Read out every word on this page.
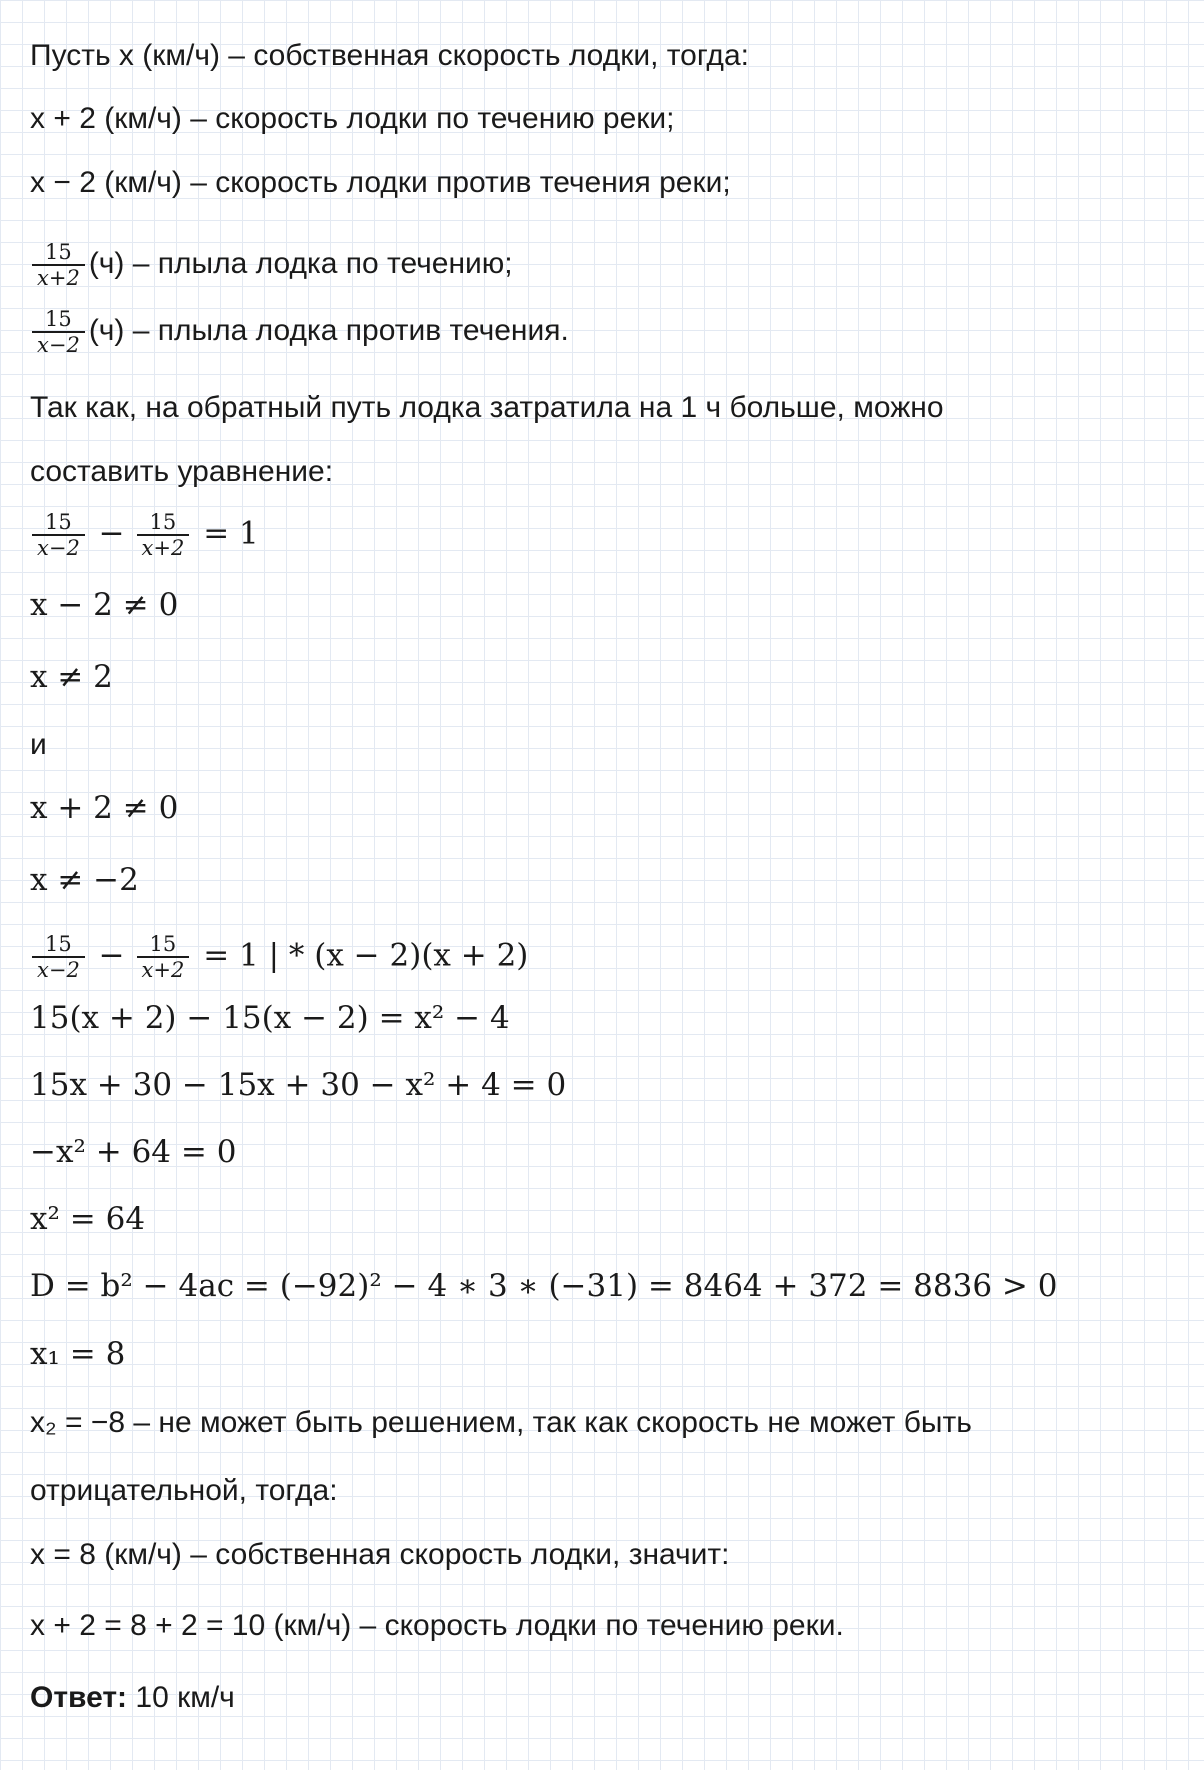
Пусть x (км/ч) – собственная скорость лодки, тогда:
x + 2 (км/ч) – скорость лодки по течению реки;
x − 2 (км/ч) – скорость лодки против течения реки;
$\frac{15}{x+2} (ч)$ – плыла лодка по течению;
$\frac{15}{x-2} (ч)$ – плыла лодка против течения.
Так как, на обратный путь лодка затратила на 1 ч больше, можно
составить уравнение:
$\frac{15}{x-2} - \frac{15}{x+2} = 1$
x − 2 ≠ 0
x ≠ 2
и
x + 2 ≠ 0
x ≠ −2
$\frac{15}{x-2} - \frac{15}{x+2} = 1$ | * (x − 2)(x + 2)
15(x + 2) − 15(x − 2) = x² − 4
15x + 30 − 15x + 30 − x² + 4 = 0
−x² + 64 = 0
x² = 64
D = b² − 4ac = (−92)² − 4 ∗ 3 ∗ (−31) = 8464 + 372 = 8836 > 0
x₁ = 8
x₂ = −8 – не может быть решением, так как скорость не может быть
отрицательной, тогда:
x = 8 (км/ч) – собственная скорость лодки, значит:
x + 2 = 8 + 2 = 10 (км/ч) – скорость лодки по течению реки.
Ответ: 10 км/ч
